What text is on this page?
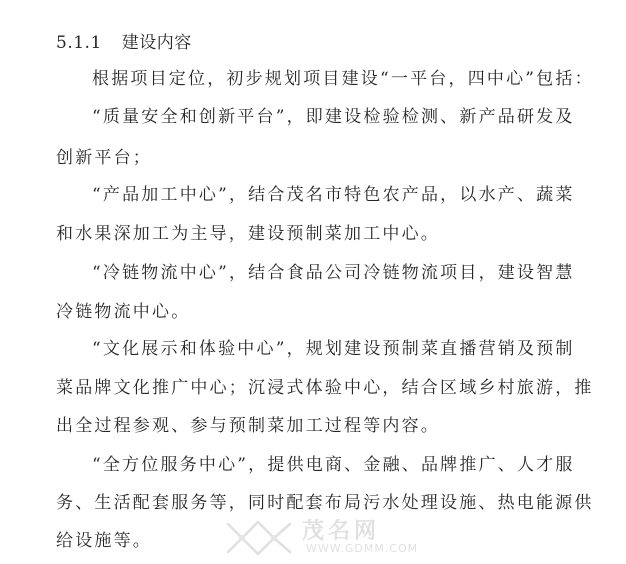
5.1.1 建设内容
根据项目定位，初步规划项目建设“一平台，四中心”包括：
“质量安全和创新平台”，即建设检验检测、新产品研发及
创新平台；
“产品加工中心”，结合茂名市特色农产品，以水产、蔬菜
和水果深加工为主导，建设预制菜加工中心。
“冷链物流中心”，结合食品公司冷链物流项目，建设智慧
冷链物流中心。
“文化展示和体验中心”，规划建设预制菜直播营销及预制
菜品牌文化推广中心；沉浸式体验中心，结合区域乡村旅游，推
出全过程参观、参与预制菜加工过程等内容。
“全方位服务中心”，提供电商、金融、品牌推广、人才服
务、生活配套服务等，同时配套布局污水处理设施、热电能源供
给设施等。	茂名网
WWW.GDMM.COM
